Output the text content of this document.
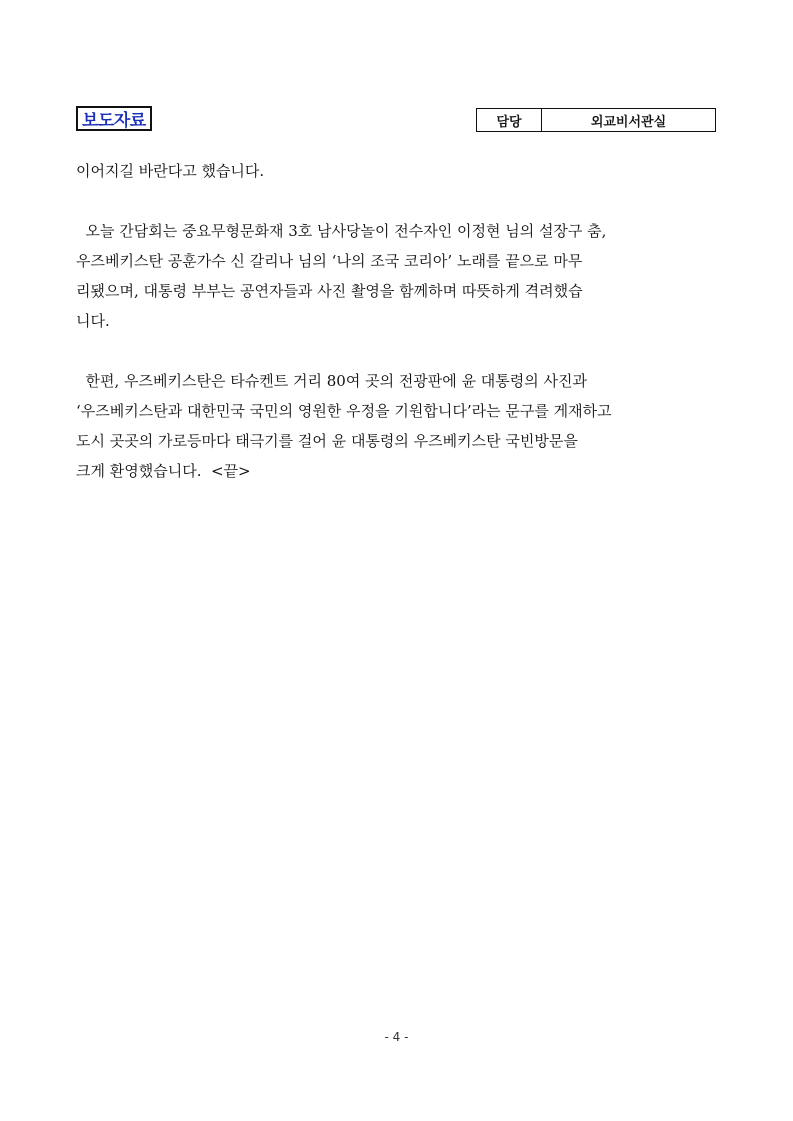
보도자료	담당	외교비서관실
이어지길 바란다고 했습니다.
오늘 간담회는 중요무형문화재 3호 남사당놀이 전수자인 이정현 님의 설장구 춤,
우즈베키스탄 공훈가수 신 갈리나 님의 ‘나의 조국 코리아’ 노래를 끝으로 마무
리됐으며, 대통령 부부는 공연자들과 사진 촬영을 함께하며 따뜻하게 격려했습
니다.
한편, 우즈베키스탄은 타슈켄트 거리 80여 곳의 전광판에 윤 대통령의 사진과
‘우즈베키스탄과 대한민국 국민의 영원한 우정을 기원합니다’라는 문구를 게재하고
도시 곳곳의 가로등마다 태극기를 걸어 윤 대통령의 우즈베키스탄 국빈방문을
크게 환영했습니다.  <끝>
- 4 -
